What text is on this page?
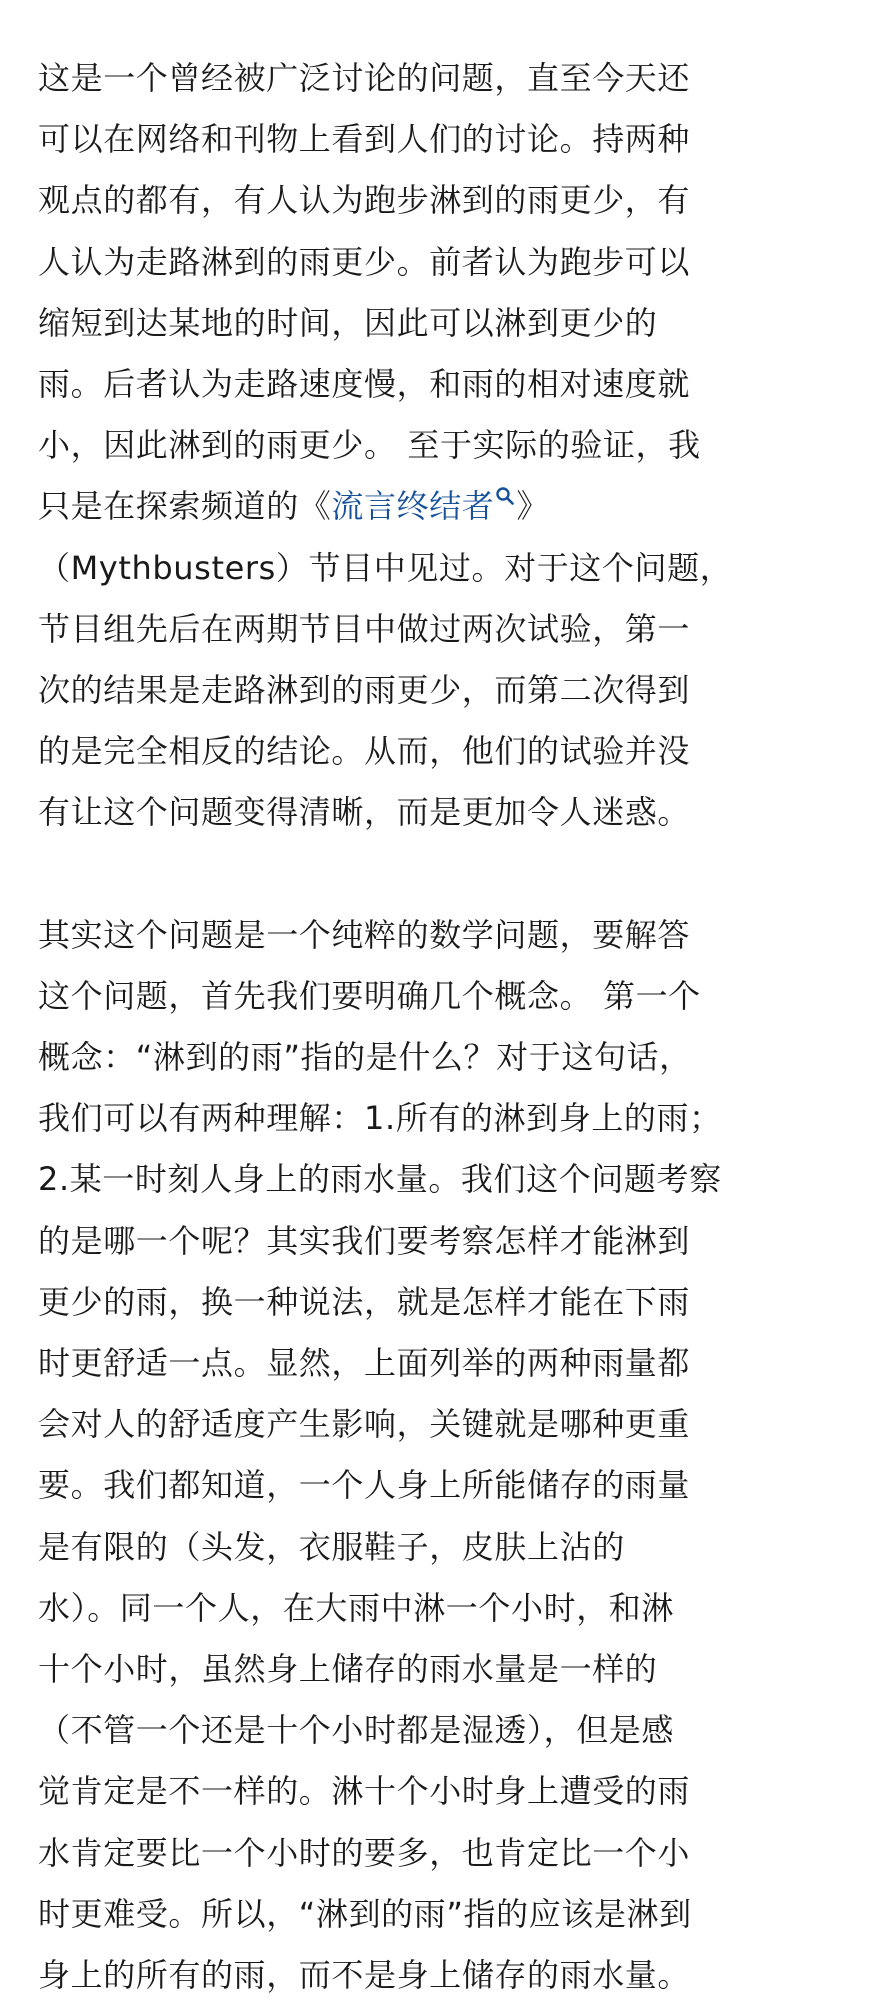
这是一个曾经被广泛讨论的问题，直至今天还
可以在网络和刊物上看到人们的讨论。持两种
观点的都有，有人认为跑步淋到的雨更少，有
人认为走路淋到的雨更少。前者认为跑步可以
缩短到达某地的时间，因此可以淋到更少的
雨。后者认为走路速度慢，和雨的相对速度就
小，因此淋到的雨更少。 至于实际的验证，我
只是在探索频道的《流言终结者 》
（Mythbusters）节目中见过。对于这个问题，
节目组先后在两期节目中做过两次试验，第一
次的结果是走路淋到的雨更少，而第二次得到
的是完全相反的结论。从而，他们的试验并没
有让这个问题变得清晰，而是更加令人迷惑。

其实这个问题是一个纯粹的数学问题，要解答
这个问题，首先我们要明确几个概念。 第一个
概念：“淋到的雨”指的是什么？对于这句话，
我们可以有两种理解：1.所有的淋到身上的雨；
2.某一时刻人身上的雨水量。我们这个问题考察
的是哪一个呢？其实我们要考察怎样才能淋到
更少的雨，换一种说法，就是怎样才能在下雨
时更舒适一点。显然，上面列举的两种雨量都
会对人的舒适度产生影响，关键就是哪种更重
要。我们都知道，一个人身上所能储存的雨量
是有限的（头发，衣服鞋子，皮肤上沾的
水）。同一个人，在大雨中淋一个小时，和淋
十个小时，虽然身上储存的雨水量是一样的
（不管一个还是十个小时都是湿透），但是感
觉肯定是不一样的。淋十个小时身上遭受的雨
水肯定要比一个小时的要多，也肯定比一个小
时更难受。所以，“淋到的雨”指的应该是淋到
身上的所有的雨，而不是身上储存的雨水量。
